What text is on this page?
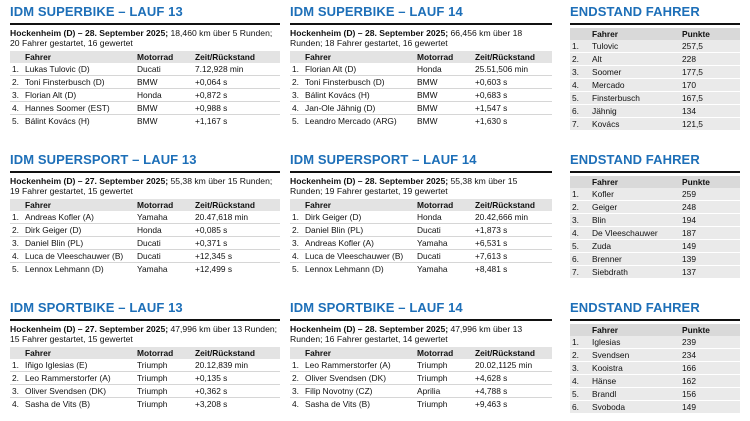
IDM SUPERBIKE – LAUF 13
Hockenheim (D) – 28. September 2025; 18,460 km über 5 Runden; 20 Fahrer gestartet, 16 gewertet
	Fahrer	Motorrad	Zeit/Rückstand
1.	Lukas Tulovic (D)	Ducati	7.12,928 min
2.	Toni Finsterbusch (D)	BMW	+0,064 s
3.	Florian Alt (D)	Honda	+0,872 s
4.	Hannes Soomer (EST)	BMW	+0,988 s
5.	Bálint Kovács (H)	BMW	+1,167 s
IDM SUPERBIKE – LAUF 14
Hockenheim (D) – 28. September 2025; 66,456 km über 18 Runden; 18 Fahrer gestartet, 16 gewertet
	Fahrer	Motorrad	Zeit/Rückstand
1.	Florian Alt (D)	Honda	25.51,506 min
2.	Toni Finsterbusch (D)	BMW	+0,603 s
3.	Bálint Kovács (H)	BMW	+0,683 s
4.	Jan-Ole Jähnig (D)	BMW	+1,547 s
5.	Leandro Mercado (ARG)	BMW	+1,630 s
ENDSTAND FAHRER
	Fahrer	Punkte
1.	Tulovic	257,5
2.	Alt	228
3.	Soomer	177,5
4.	Mercado	170
5.	Finsterbusch	167,5
6.	Jähnig	134
7.	Kovács	121,5
IDM SUPERSPORT – LAUF 13
Hockenheim (D) – 27. September 2025; 55,38 km über 15 Runden; 19 Fahrer gestartet, 15 gewertet
	Fahrer	Motorrad	Zeit/Rückstand
1.	Andreas Kofler (A)	Yamaha	20.47,618 min
2.	Dirk Geiger (D)	Honda	+0,085 s
3.	Daniel Blin (PL)	Ducati	+0,371 s
4.	Luca de Vleeschauwer (B)	Ducati	+12,345 s
5.	Lennox Lehmann (D)	Yamaha	+12,499 s
IDM SUPERSPORT – LAUF 14
Hockenheim (D) – 28. September 2025; 55,38 km über 15 Runden; 19 Fahrer gestartet, 19 gewertet
	Fahrer	Motorrad	Zeit/Rückstand
1.	Dirk Geiger (D)	Honda	20.42,666 min
2.	Daniel Blin (PL)	Ducati	+1,873 s
3.	Andreas Kofler (A)	Yamaha	+6,531 s
4.	Luca de Vleeschauwer (B)	Ducati	+7,613 s
5.	Lennox Lehmann (D)	Yamaha	+8,481 s
ENDSTAND FAHRER
	Fahrer	Punkte
1.	Kofler	259
2.	Geiger	248
3.	Blin	194
4.	De Vleeschauwer	187
5.	Zuda	149
6.	Brenner	139
7.	Siebdrath	137
IDM SPORTBIKE – LAUF 13
Hockenheim (D) – 27. September 2025; 47,996 km über 13 Runden; 15 Fahrer gestartet, 15 gewertet
	Fahrer	Motorrad	Zeit/Rückstand
1.	Iñigo Iglesias (E)	Triumph	20.12,839 min
2.	Leo Rammerstorfer (A)	Triumph	+0,135 s
3.	Oliver Svendsen (DK)	Triumph	+0,362 s
4.	Sasha de Vits (B)	Triumph	+3,208 s
IDM SPORTBIKE – LAUF 14
Hockenheim (D) – 28. September 2025; 47,996 km über 13 Runden; 16 Fahrer gestartet, 14 gewertet
	Fahrer	Motorrad	Zeit/Rückstand
1.	Leo Rammerstorfer (A)	Triumph	20.02,1125 min
2.	Oliver Svendsen (DK)	Triumph	+4,628 s
3.	Filip Novotny (CZ)	Aprilia	+4,788 s
4.	Sasha de Vits (B)	Triumph	+9,463 s
ENDSTAND FAHRER
	Fahrer	Punkte
1.	Iglesias	239
2.	Svendsen	234
3.	Kooistra	166
4.	Hänse	162
5.	Brandl	156
6.	Svoboda	149
